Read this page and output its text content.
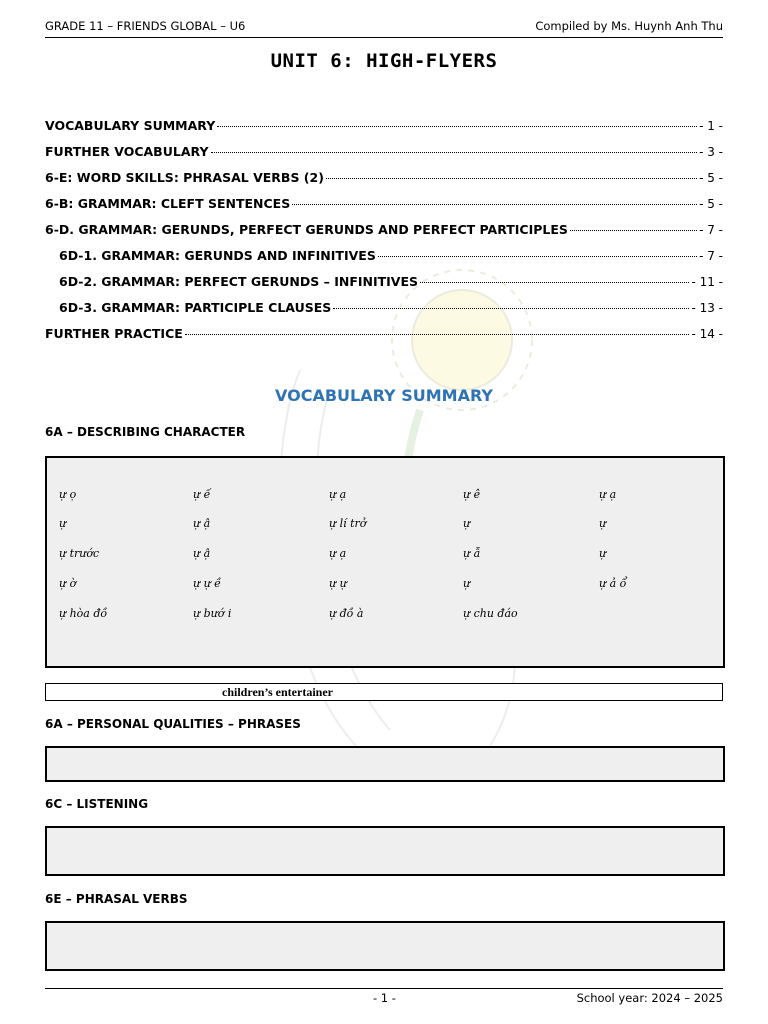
GRADE 11 – FRIENDS GLOBAL – U6	Compiled by Ms. Huynh Anh Thu
UNIT 6: HIGH-FLYERS
VOCABULARY SUMMARY	- 1 -
FURTHER VOCABULARY	- 3 -
6-E: WORD SKILLS: PHRASAL VERBS (2)	- 5 -
6-B: GRAMMAR: CLEFT SENTENCES	- 5 -
6-D. GRAMMAR: GERUNDS, PERFECT GERUNDS AND PERFECT PARTICIPLES	- 7 -
6D-1. GRAMMAR: GERUNDS AND INFINITIVES	- 7 -
6D-2. GRAMMAR: PERFECT GERUNDS – INFINITIVES	- 11 -
6D-3. GRAMMAR: PARTICIPLE CLAUSES	- 13 -
FURTHER PRACTICE	- 14 -
VOCABULARY SUMMARY
6A – DESCRIBING CHARACTER
ự ọ	ự ế	ự ạ	ự ê	ự ạ
ự	ự ậ	ự lí trở	ự	ự
ự trước	ự ậ	ự ạ	ự ẫ	ự
ự ờ	ự ự ề	ự ự	ự	ự ả ổ
ự hòa đồ	ự bướ i	ự đồ à	ự chu đáo
children’s entertainer
6A – PERSONAL QUALITIES – PHRASES
6C – LISTENING
6E – PHRASAL VERBS
- 1 -	School year: 2024 – 2025
